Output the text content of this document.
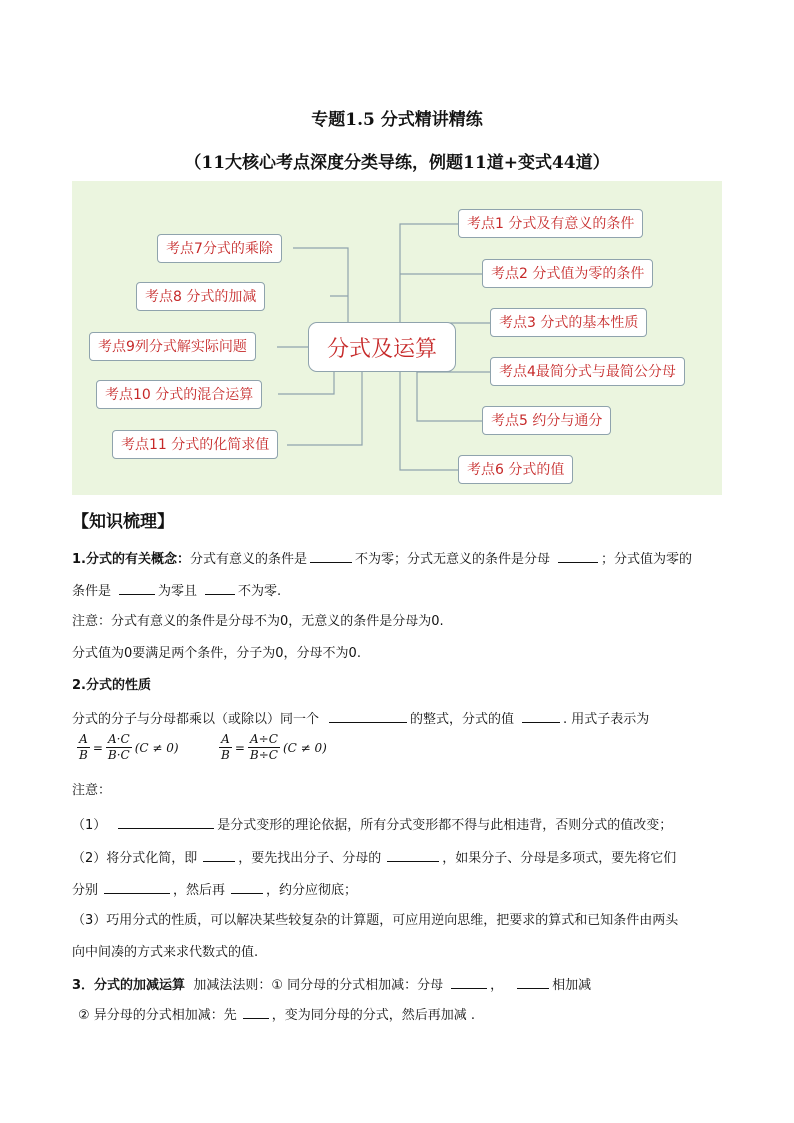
专题1.5 分式精讲精练
（11大核心考点深度分类导练，例题11道+变式44道）
考点1 分式及有意义的条件
考点2 分式值为零的条件
考点3 分式的基本性质
考点4最简分式与最简公分母
考点5 约分与通分
考点6 分式的值
考点7分式的乘除
考点8 分式的加减
考点9列分式解实际问题
考点10 分式的混合运算
考点11 分式的化简求值
分式及运算
【知识梳理】
1.分式的有关概念：分式有意义的条件是	不为零；分式无意义的条件是分母	；分式值为零的
条件是	为零且	不为零.
注意：分式有意义的条件是分母不为0，无意义的条件是分母为0.
分式值为0要满足两个条件，分子为0，分母不为0.
2.分式的性质
分式的分子与分母都乘以（或除以）同一个	的整式，分式的值	. 用式子表示为
$\frac{A}{B} = \frac{A\cdot C}{B\cdot C} (C \ne 0)$	$\frac{A}{B} = \frac{A\div C}{B\div C} (C \ne 0)$
注意：
（1）	是分式变形的理论依据，所有分式变形都不得与此相违背，否则分式的值改变；
（2）将分式化简，即	，要先找出分子、分母的	，如果分子、分母是多项式，要先将它们
分别	，然后再	，约分应彻底；
（3）巧用分式的性质，可以解决某些较复杂的计算题，可应用逆向思维，把要求的算式和已知条件由两头
向中间凑的方式来求代数式的值.
3．分式的加减运算 加减法法则：① 同分母的分式相加减：分母	，	相加减
② 异分母的分式相加减：先	，变为同分母的分式，然后再加减 .
